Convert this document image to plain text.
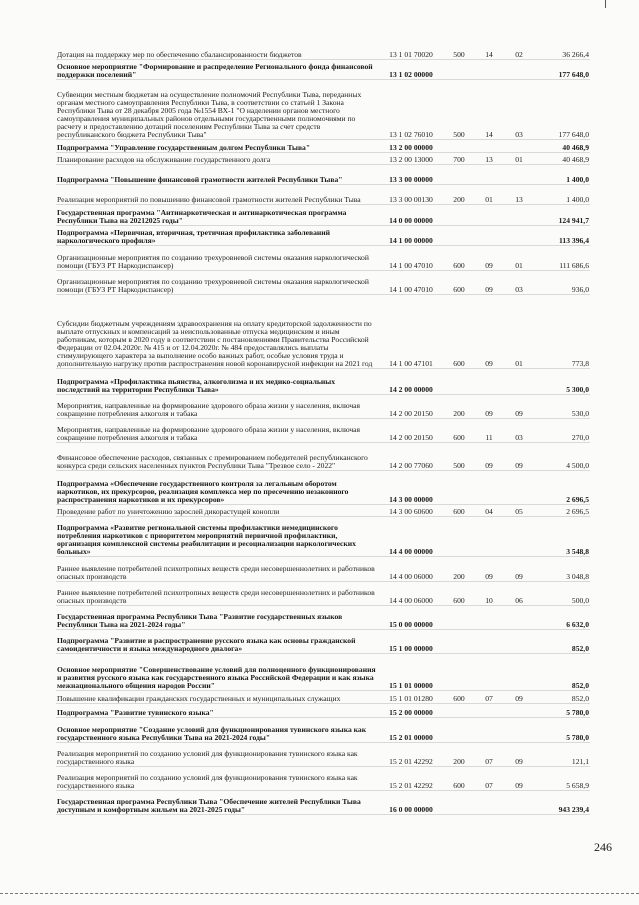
Дотация на поддержку мер по обеспечению сбалансированности бюджетов	13 1 01 70020	500	14	02	36 266,4
Основное мероприятие "Формирование и распределение Регионального фонда финансовой поддержки поселений"	13 1 02 00000				177 648,0
Субвенции местным бюджетам на осуществление полномочий Республики Тыва, переданных органам местного самоуправления Республики Тыва, в соответствии со статьей 1 Закона Республики Тыва от 28 декабря 2005 года №1554 ВХ-1 "О наделении органов местного самоуправления муниципальных районов отдельными государственными полномочиями по расчету и предоставлению дотаций поселениям Республики Тыва за счет средств республиканского бюджета Республики Тыва"	13 1 02 76010	500	14	03	177 648,0
Подпрограмма "Управление государственным долгом Республики Тыва"	13 2 00 00000				40 468,9
Планирование расходов на обслуживание государственного долга	13 2 00 13000	700	13	01	40 468,9
Подпрограмма "Повышение финансовой грамотности жителей Республики Тыва"	13 3 00 00000				1 400,0
Реализация мероприятий по повышению финансовой грамотности жителей Республики Тыва	13 3 00 00130	200	01	13	1 400,0
Государственная программа "Антинаркотическая и антинаркотическая программа Республики Тыва на 20212025 годы"	14 0 00 00000				124 941,7
Подпрограмма «Первичная, вторичная, третичная профилактика заболеваний наркологического профиля»	14 1 00 00000				113 396,4
Организационные мероприятия по созданию трехуровневой системы оказания наркологической помощи (ГБУЗ РТ Наркодиспансер)	14 1 00 47010	600	09	01	111 686,6
Организационные мероприятия по созданию трехуровневой системы оказания наркологической помощи (ГБУЗ РТ Наркодиспансер)	14 1 00 47010	600	09	03	936,0
Субсидии бюджетным учреждениям здравоохранения на оплату кредиторской задолженности по выплате отпускных и компенсаций за неиспользованные отпуска медицинским и иным работникам, которым в 2020 году в соответствии с постановлениями Правительства Российской Федерации от 02.04.2020г. № 415 и от 12.04.2020г. № 484 предоставлялись выплаты стимулирующего характера за выполнение особо важных работ, особые условия труда и дополнительную нагрузку против распространения новой коронавирусной инфекции на 2021 год	14 1 00 47101	600	09	01	773,8
Подпрограмма «Профилактика пьянства, алкоголизма и их медико-социальных последствий на территории Республики Тыва»	14 2 00 00000				5 300,0
Мероприятия, направленные на формирование здорового образа жизни у населения, включая сокращение потребления алкоголя и табака	14 2 00 20150	200	09	09	530,0
Мероприятия, направленные на формирование здорового образа жизни у населения, включая сокращение потребления алкоголя и табака	14 2 00 20150	600	11	03	270,0
Финансовое обеспечение расходов, связанных с премированием победителей республиканского конкурса среди сельских населенных пунктов Республики Тыва "Трезвое село - 2022"	14 2 00 77060	500	09	09	4 500,0
Подпрограмма «Обеспечение государственного контроля за легальным оборотом наркотиков, их прекурсоров, реализация комплекса мер по пресечению незаконного распространения наркотиков и их прекурсоров»	14 3 00 00000				2 696,5
Проведение работ по уничтожению зарослей дикорастущей конопли	14 3 00 60600	600	04	05	2 696,5
Подпрограмма «Развитие региональной системы профилактики немедицинского потребления наркотиков с приоритетом мероприятий первичной профилактики, организация комплексной системы реабилитации и ресоциализации наркологических больных»	14 4 00 00000				3 548,8
Раннее выявление потребителей психотропных веществ среди несовершеннолетних и работников опасных производств	14 4 00 06000	200	09	09	3 048,8
Раннее выявление потребителей психотропных веществ среди несовершеннолетних и работников опасных производств	14 4 00 06000	600	10	06	500,0
Государственная программа Республики Тыва "Развитие государственных языков Республики Тыва на 2021-2024 годы"	15 0 00 00000				6 632,0
Подпрограмма "Развитие и распространение русского языка как основы гражданской самоидентичности и языка международного диалога»	15 1 00 00000				852,0
Основное мероприятие "Совершенствование условий для полноценного функционирования и развития русского языка как государственного языка Российской Федерации и как языка межнационального общения народов России"	15 1 01 00000				852,0
Повышение квалификации гражданских государственных и муниципальных служащих	15 1 01 01280	600	07	09	852,0
Подпрограмма "Развитие тувинского языка"	15 2 00 00000				5 780,0
Основное мероприятие "Создание условий для функционирования тувинского языка как государственного языка Республики Тыва на 2021-2024 годы"	15 2 01 00000				5 780,0
Реализация мероприятий по созданию условий для функционирования тувинского языка как государственного языка	15 2 01 42292	200	07	09	121,1
Реализация мероприятий по созданию условий для функционирования тувинского языка как государственного языка	15 2 01 42292	600	07	09	5 658,9
Государственная программа Республики Тыва "Обеспечение жителей Республики Тыва доступным и комфортным жильем на 2021-2025 годы"	16 0 00 00000				943 239,4
246
